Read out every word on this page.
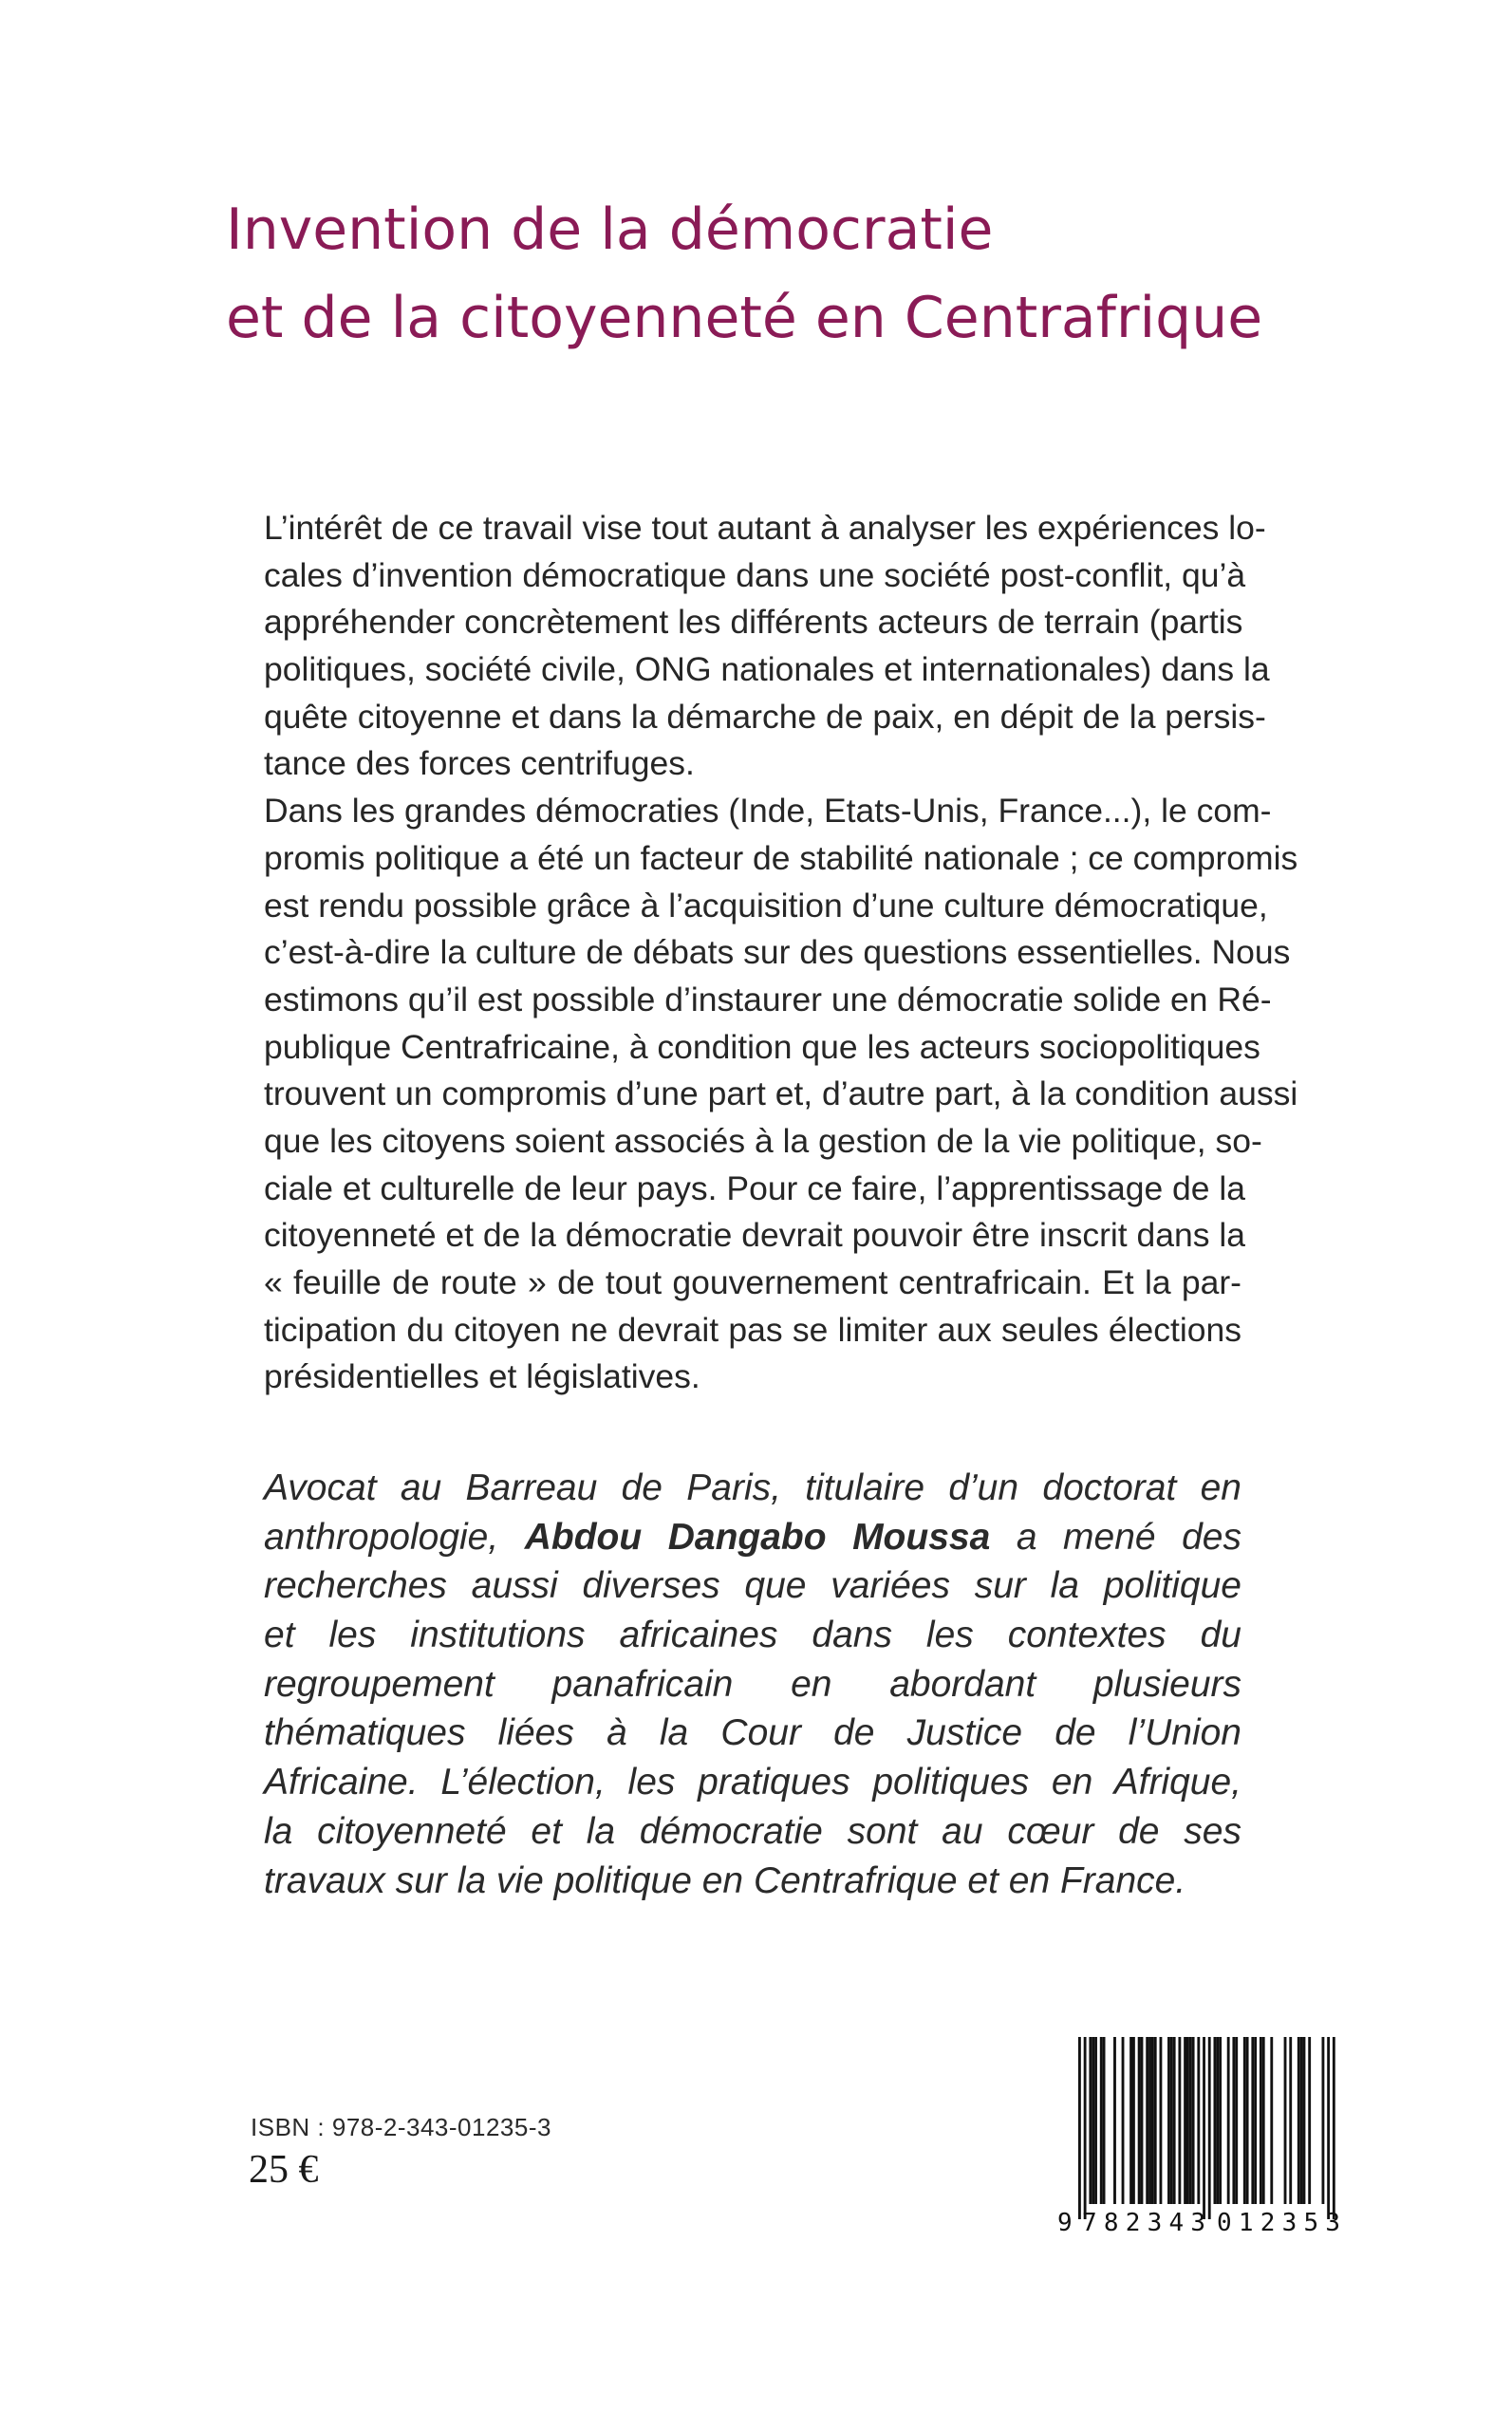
Invention de la démocratie
et de la citoyenneté en Centrafrique
L’intérêt de ce travail vise tout autant à analyser les expériences lo-
cales d’invention démocratique dans une société post-conflit, qu’à
appréhender concrètement les différents acteurs de terrain (partis
politiques, société civile, ONG nationales et internationales) dans la
quête citoyenne et dans la démarche de paix, en dépit de la persis-
tance des forces centrifuges.
Dans les grandes démocraties (Inde, Etats-Unis, France...), le com-
promis politique a été un facteur de stabilité nationale ; ce compromis
est rendu possible grâce à l’acquisition d’une culture démocratique,
c’est-à-dire la culture de débats sur des questions essentielles. Nous
estimons qu’il est possible d’instaurer une démocratie solide en Ré-
publique Centrafricaine, à condition que les acteurs sociopolitiques
trouvent un compromis d’une part et, d’autre part, à la condition aussi
que les citoyens soient associés à la gestion de la vie politique, so-
ciale et culturelle de leur pays. Pour ce faire, l’apprentissage de la
citoyenneté et de la démocratie devrait pouvoir être inscrit dans la
« feuille de route » de tout gouvernement centrafricain. Et la par-
ticipation du citoyen ne devrait pas se limiter aux seules élections
présidentielles et législatives.
Avocat au Barreau de Paris, titulaire d’un doctorat en
anthropologie, Abdou Dangabo Moussa a mené des
recherches aussi diverses que variées sur la politique
et les institutions africaines dans les contextes du
regroupement panafricain en abordant plusieurs
thématiques liées à la Cour de Justice de l’Union
Africaine. L’élection, les pratiques politiques en Afrique,
la citoyenneté et la démocratie sont au cœur de ses
travaux sur la vie politique en Centrafrique et en France.
ISBN : 978-2-343-01235-3
25 €
9 782343 012353
